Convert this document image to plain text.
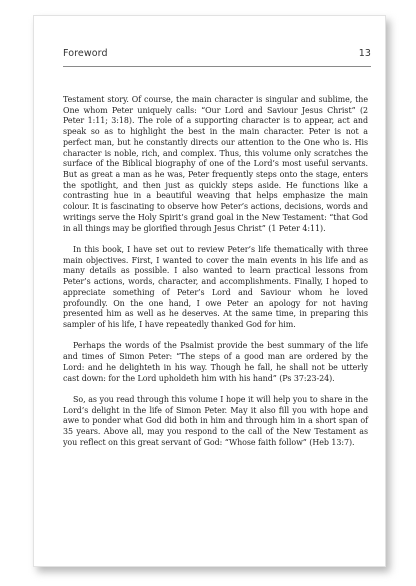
Foreword	13

Testament story. Of course, the main character is singular and sublime, the One whom Peter uniquely calls: “Our Lord and Saviour Jesus Christ” (2 Peter 1:11; 3:18). The role of a supporting character is to appear, act and speak so as to highlight the best in the main character. Peter is not a perfect man, but he constantly directs our attention to the One who is. His character is noble, rich, and complex. Thus, this volume only scratches the surface of the Biblical biography of one of the Lord’s most useful servants. But as great a man as he was, Peter frequently steps onto the stage, enters the spotlight, and then just as quickly steps aside. He functions like a contrasting hue in a beautiful weaving that helps emphasize the main colour. It is fascinating to observe how Peter’s actions, decisions, words and writings serve the Holy Spirit’s grand goal in the New Testament: “that God in all things may be glorified through Jesus Christ” (1 Peter 4:11).

In this book, I have set out to review Peter’s life thematically with three main objectives. First, I wanted to cover the main events in his life and as many details as possible. I also wanted to learn practical lessons from Peter’s actions, words, character, and accomplishments. Finally, I hoped to appreciate something of Peter’s Lord and Saviour whom he loved profoundly. On the one hand, I owe Peter an apology for not having presented him as well as he deserves. At the same time, in preparing this sampler of his life, I have repeatedly thanked God for him.

Perhaps the words of the Psalmist provide the best summary of the life and times of Simon Peter: “The steps of a good man are ordered by the Lord: and he delighteth in his way. Though he fall, he shall not be utterly cast down: for the Lord upholdeth him with his hand” (Ps 37:23-24).

So, as you read through this volume I hope it will help you to share in the Lord’s delight in the life of Simon Peter. May it also fill you with hope and awe to ponder what God did both in him and through him in a short span of 35 years. Above all, may you respond to the call of the New Testament as you reflect on this great servant of God: “Whose faith follow” (Heb 13:7).
